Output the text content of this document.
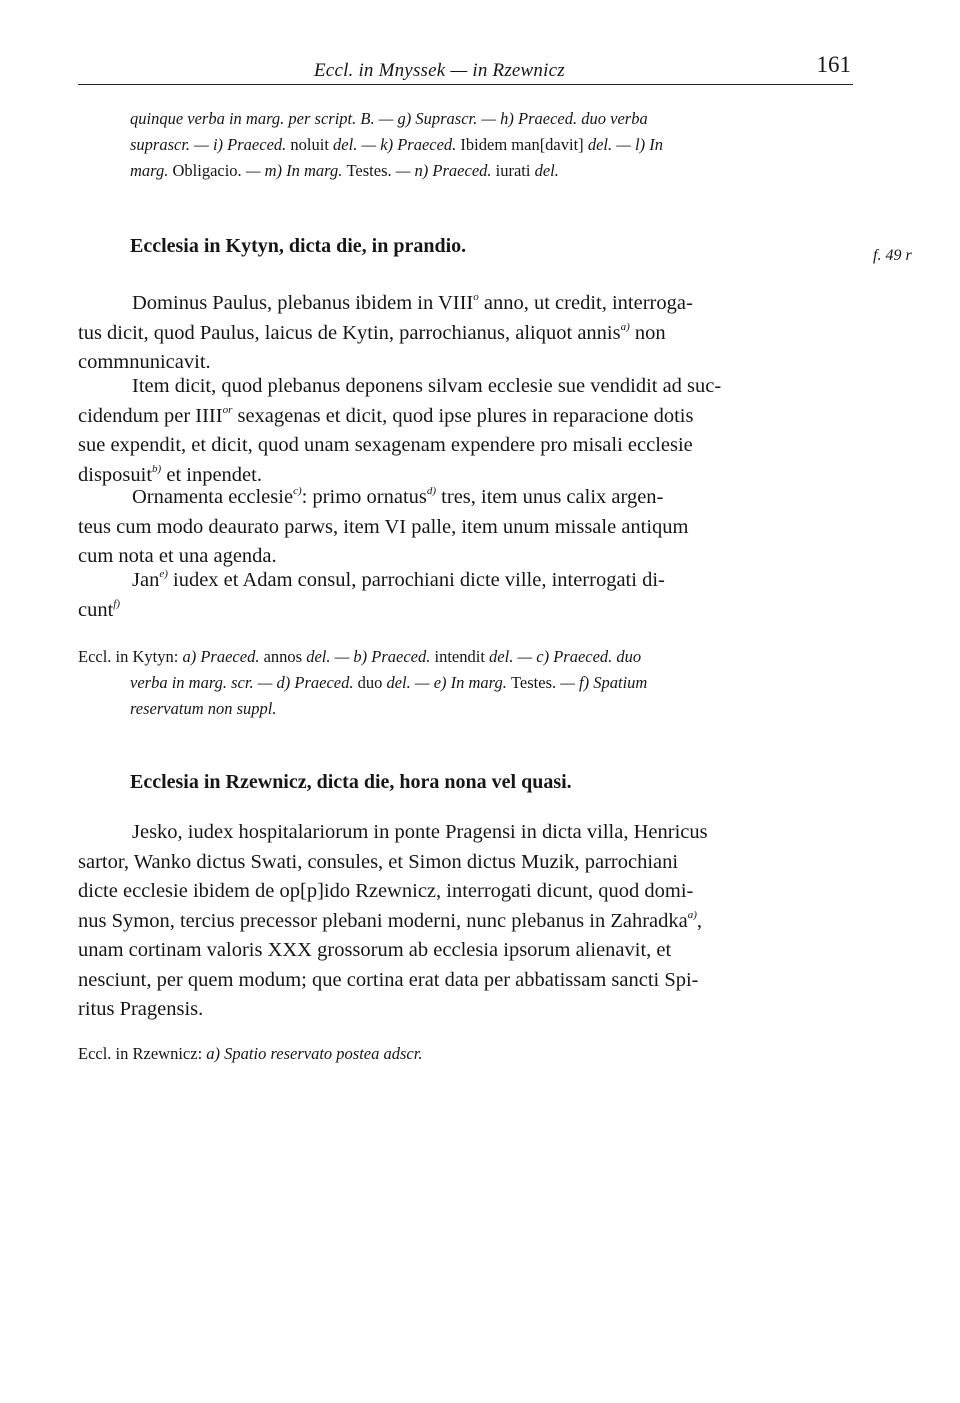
Eccl. in Mnyssek — in Rzewnicz	161

quinque verba in marg. per script. B. — g) Suprascr. — h) Praeced. duo verba

suprascr. — i) Praeced. noluit del. — k) Praeced. Ibidem man[davit] del. — l) In

marg. Obligacio. — m) In marg. Testes. — n) Praeced. iurati del.

Ecclesia in Kytyn, dicta die, in prandio.	f. 49 r

Dominus Paulus, plebanus ibidem in VIII$^o$ anno, ut credit, interroga-
tus dicit, quod Paulus, laicus de Kytin, parrochianus, aliquot annis$^{a)}$ non
commnunicavit.

Item dicit, quod plebanus deponens silvam ecclesie sue vendidit ad suc-
cidendum per $IIII^{or}$ sexagenas et dicit, quod ipse plures in reparacione dotis
sue expendit, et dicit, quod unam sexagenam expendere pro misali ecclesie
disposuit$^{b)}$ et inpendet.

Ornamenta ecclesie$^{c)}$: primo ornatus$^{d)}$ tres, item unus calix argen-
teus cum modo deaurato parws, item VI palle, item unum missale antiqum
cum nota et una agenda.

Jan$^{e)}$ iudex et Adam consul, parrochiani dicte ville, interrogati di-
cunt$^{f)}$

Eccl. in Kytyn: a) Praeced. annos del. — b) Praeced. intendit del. — c) Praeced. duo

verba in marg. scr. — d) Praeced. duo del. — e) In marg. Testes. — f) Spatium

reservatum non suppl.

Ecclesia in Rzewnicz, dicta die, hora nona vel quasi.

Jesko, iudex hospitalariorum in ponte Pragensi in dicta villa, Henricus
sartor, Wanko dictus Swati, consules, et Simon dictus Muzik, parrochiani
dicte ecclesie ibidem de op[p]ido Rzewnicz, interrogati dicunt, quod domi-
nus Symon, tercius precessor plebani moderni, nunc plebanus in Zahradka$^{a)}$,
unam cortinam valoris XXX grossorum ab ecclesia ipsorum alienavit, et
nesciunt, per quem modum; que cortina erat data per abbatissam sancti Spi-
ritus Pragensis.

Eccl. in Rzewnicz: a) Spatio reservato postea adscr.
